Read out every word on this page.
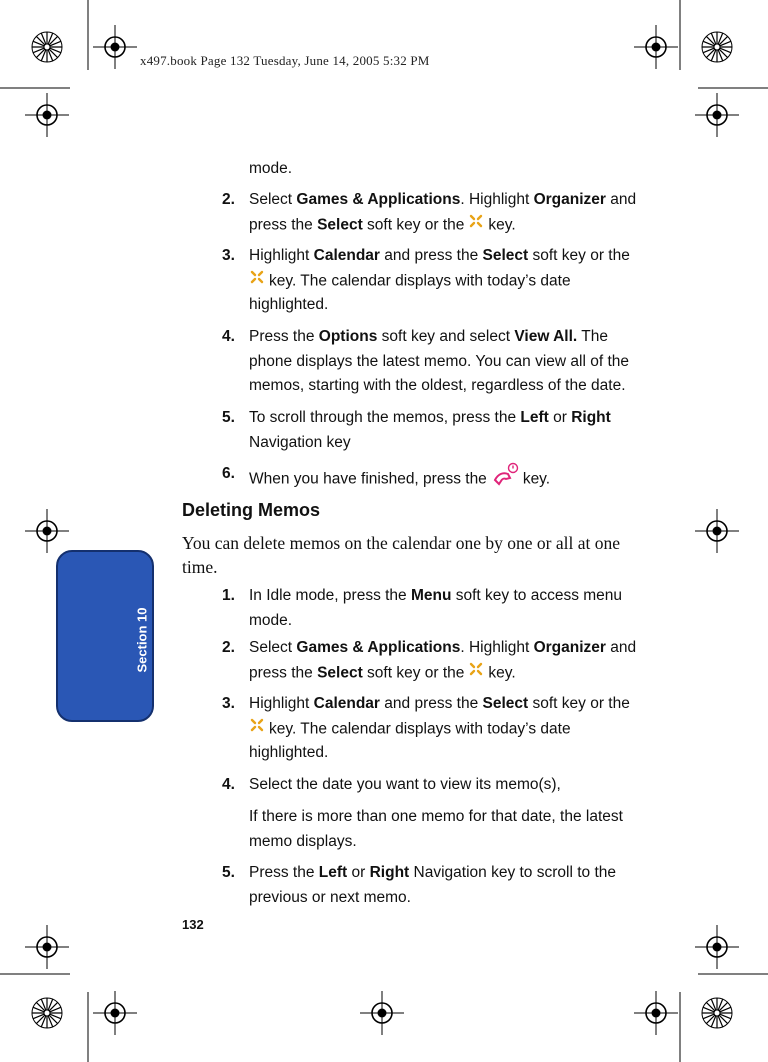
x497.book Page 132 Tuesday, June 14, 2005 5:32 PM
Section 10
132
mode.
2. Select Games & Applications. Highlight Organizer and press the Select soft key or the key.
3. Highlight Calendar and press the Select soft key or the
key. The calendar displays with today’s date highlighted.
4. Press the Options soft key and select View All. The phone displays the latest memo. You can view all of the memos, starting with the oldest, regardless of the date.
5. To scroll through the memos, press the Left or Right Navigation key
6. When you have finished, press the key.
Deleting Memos
You can delete memos on the calendar one by one or all at one time.
1. In Idle mode, press the Menu soft key to access menu mode.
2. Select Games & Applications. Highlight Organizer and press the Select soft key or the key.
3. Highlight Calendar and press the Select soft key or the
key. The calendar displays with today’s date highlighted.
4. Select the date you want to view its memo(s),
If there is more than one memo for that date, the latest memo displays.
5. Press the Left or Right Navigation key to scroll to the previous or next memo.
